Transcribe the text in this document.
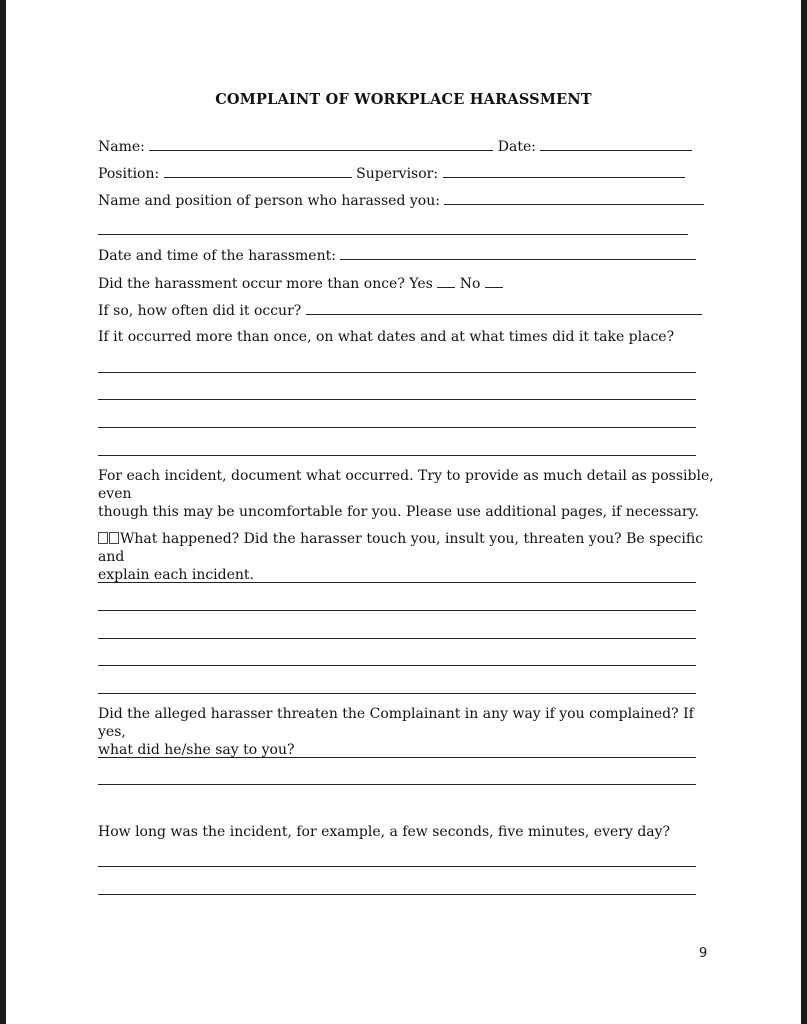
COMPLAINT OF WORKPLACE HARASSMENT
Name:	Date:
Position:	Supervisor:
Name and position of person who harassed you:
Date and time of the harassment:
Did the harassment occur more than once? Yes No
If so, how often did it occur?
If it occurred more than once, on what dates and at what times did it take place?
For each incident, document what occurred. Try to provide as much detail as possible, even
though this may be uncomfortable for you. Please use additional pages, if necessary.
What happened? Did the harasser touch you, insult you, threaten you? Be specific and
explain each incident.
Did the alleged harasser threaten the Complainant in any way if you complained? If yes,
what did he/she say to you?
How long was the incident, for example, a few seconds, five minutes, every day?
9
